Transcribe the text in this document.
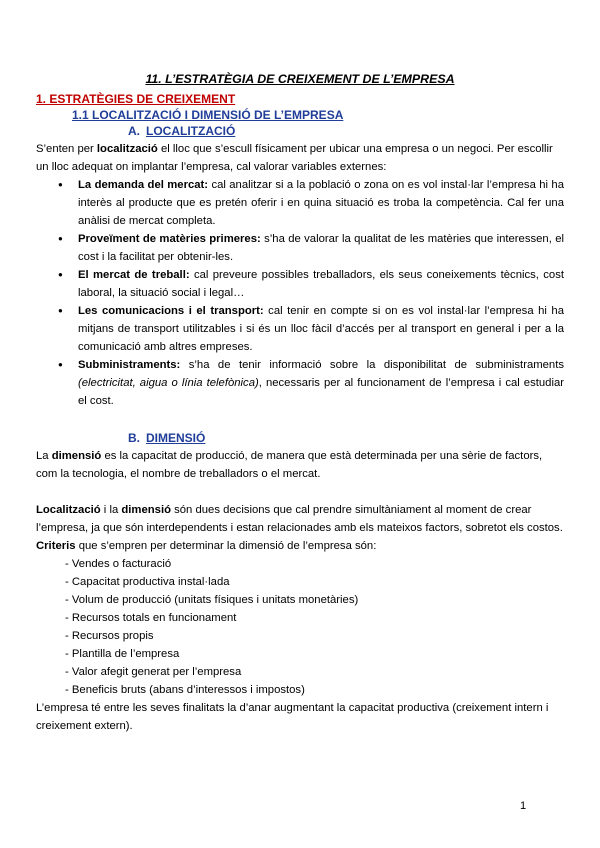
11. L’ESTRATÈGIA DE CREIXEMENT DE L’EMPRESA
1. ESTRATÈGIES DE CREIXEMENT
1.1 LOCALITZACIÓ I DIMENSIÓ DE L’EMPRESA
A. LOCALITZACIÓ

S’enten per localització el lloc que s’escull físicament per ubicar una empresa o un negoci. Per escollir un lloc adequat on implantar l’empresa, cal valorar variables externes:

● La demanda del mercat: cal analitzar si a la població o zona on es vol instal·lar l’empresa hi ha interès al producte que es pretén oferir i en quina situació es troba la competència. Cal fer una anàlisi de mercat completa.
● Proveïment de matèries primeres: s’ha de valorar la qualitat de les matèries que interessen, el cost i la facilitat per obtenir-les.
● El mercat de treball: cal preveure possibles treballadors, els seus coneixements tècnics, cost laboral, la situació social i legal…
● Les comunicacions i el transport: cal tenir en compte si on es vol instal·lar l’empresa hi ha mitjans de transport utilitzables i si és un lloc fàcil d’accés per al transport en general i per a la comunicació amb altres empreses.
● Subministraments: s’ha de tenir informació sobre la disponibilitat de subministraments (electricitat, aigua o línia telefònica), necessaris per al funcionament de l’empresa i cal estudiar el cost.
B. DIMENSIÓ

La dimensió es la capacitat de producció, de manera que està determinada per una sèrie de factors, com la tecnologia, el nombre de treballadors o el mercat.

Localització i la dimensió són dues decisions que cal prendre simultàniament al moment de crear l’empresa, ja que són interdependents i estan relacionades amb els mateixos factors, sobretot els costos.

Criteris que s’empren per determinar la dimensió de l’empresa són:

- Vendes o facturació
- Capacitat productiva instal·lada
- Volum de producció (unitats físiques i unitats monetàries)
- Recursos totals en funcionament
- Recursos propis
- Plantilla de l’empresa
- Valor afegit generat per l’empresa
- Beneficis bruts (abans d’interessos i impostos)

L’empresa té entre les seves finalitats la d’anar augmentant la capacitat productiva (creixement intern i creixement extern).

1
